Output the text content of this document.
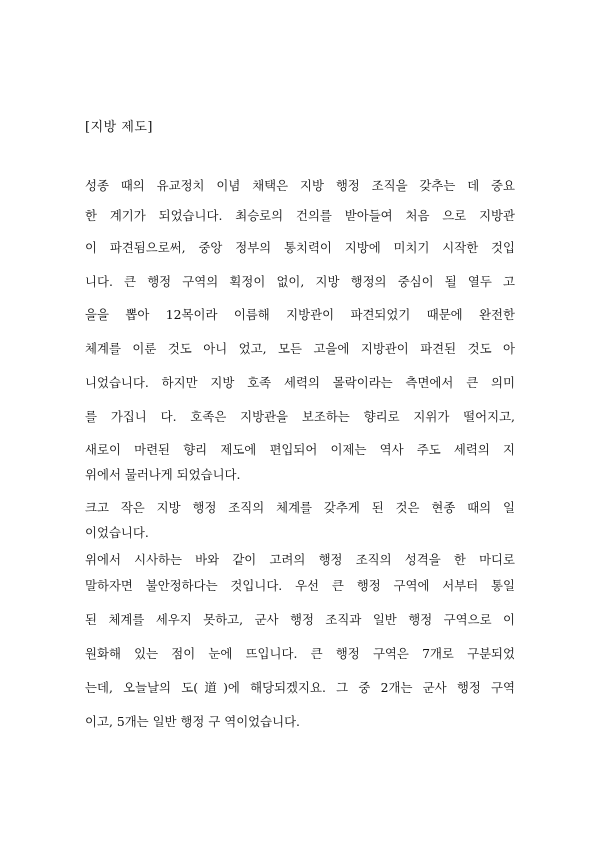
[지방 제도]
성종 때의 유교정치 이념 채택은 지방 행정 조직을 갖추는 데 중요
한 계기가 되었습니다. 최승로의 건의를 받아들여 처음 으로 지방관
이 파견됨으로써, 중앙 정부의 통치력이 지방에 미치기 시작한 것입
니다. 큰 행정 구역의 획정이 없이, 지방 행정의 중심이 될 열두 고
을을 뽑아 12목이라 이름해 지방관이 파견되었기 때문에 완전한
체계를 이룬 것도 아니 었고, 모든 고을에 지방관이 파견된 것도 아
니었습니다. 하지만 지방 호족 세력의 몰락이라는 측면에서 큰 의미
를 가집니 다. 호족은 지방관을 보조하는 향리로 지위가 떨어지고,
새로이 마련된 향리 제도에 편입되어 이제는 역사 주도 세력의 지
위에서 물러나게 되었습니다.
크고 작은 지방 행정 조직의 체계를 갖추게 된 것은 현종 때의 일
이었습니다.
위에서 시사하는 바와 같이 고려의 행정 조직의 성격을 한 마디로
말하자면 불안정하다는 것입니다. 우선 큰 행정 구역에 서부터 통일
된 체계를 세우지 못하고, 군사 행정 조직과 일반 행정 구역으로 이
원화해 있는 점이 눈에 뜨입니다. 큰 행정 구역은 7개로 구분되었
는데, 오늘날의 도(道)에 해당되겠지요. 그 중 2개는 군사 행정 구역
이고, 5개는 일반 행정 구 역이었습니다.
